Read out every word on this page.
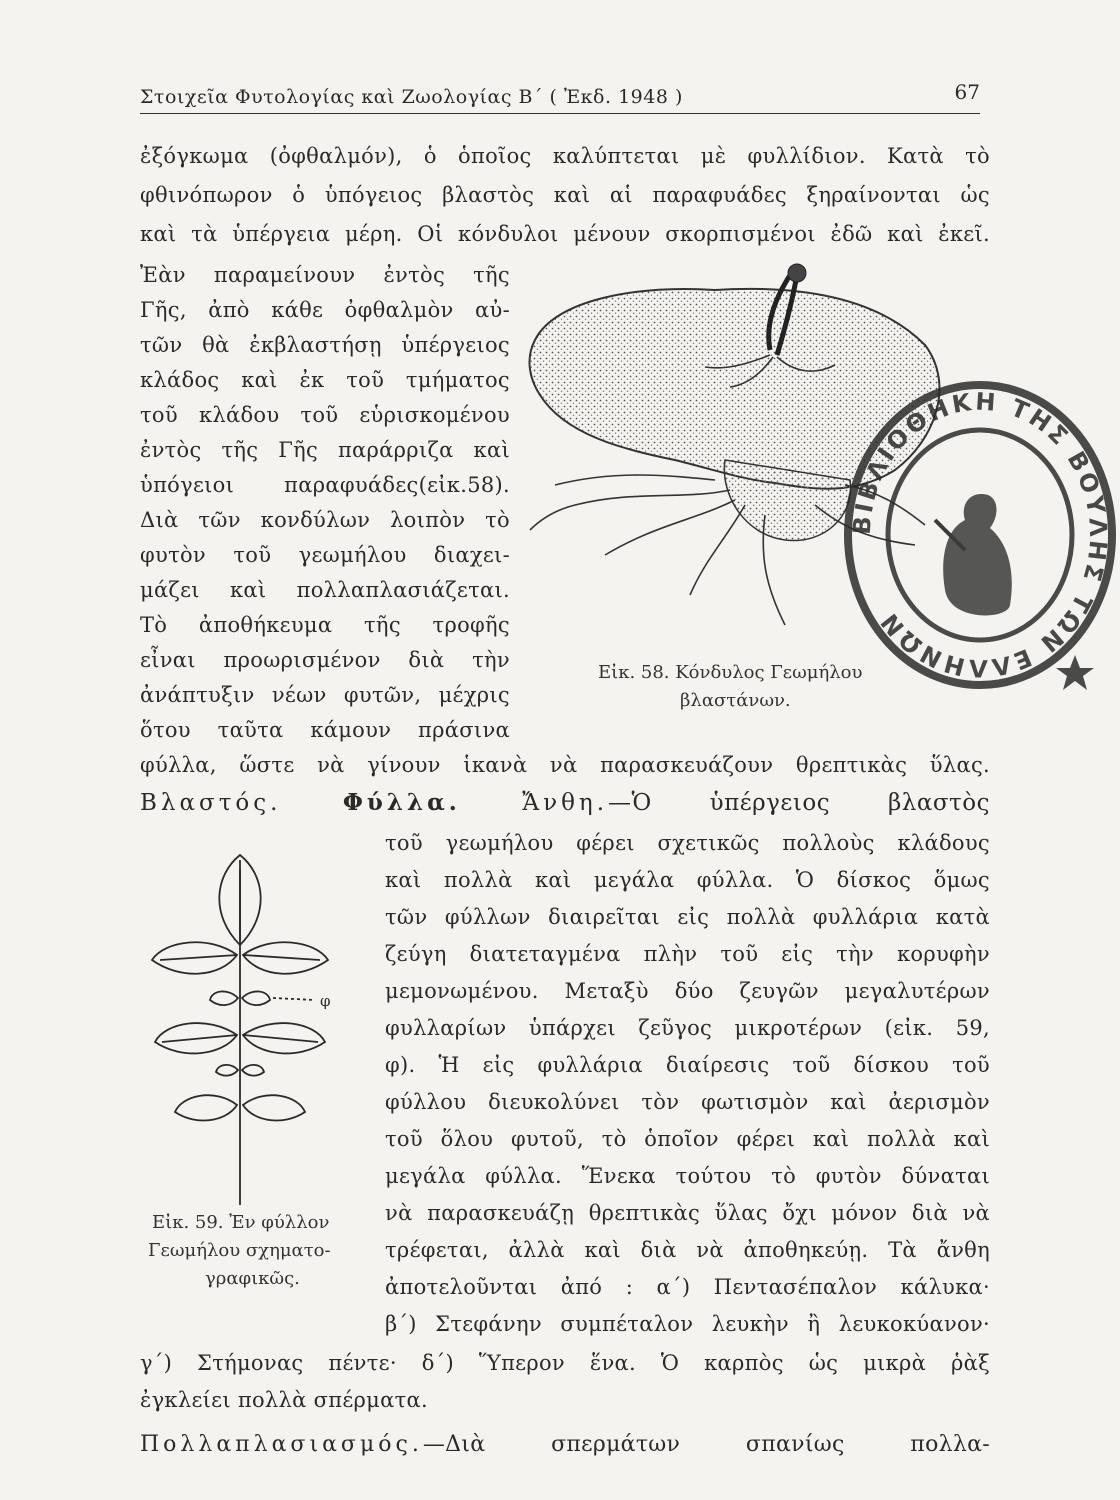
Στοιχεῖα Φυτολογίας καὶ Ζωολογίας Β΄ ( Ἐκδ. 1948 )	67
ἐξόγκωμα (ὀφθαλμόν), ὁ ὁποῖος καλύπτεται μὲ φυλλίδιον. Κατὰ τὸ
φθινόπωρον ὁ ὑπόγειος βλαστὸς καὶ αἱ παραφυάδες ξηραίνονται ὡς
καὶ τὰ ὑπέργεια μέρη. Οἱ κόνδυλοι μένουν σκορπισμένοι ἐδῶ καὶ ἐκεῖ.
Ἐὰν παραμείνουν ἐντὸς τῆς
Γῆς, ἀπὸ κάθε ὀφθαλμὸν αὐ-
τῶν θὰ ἐκβλαστήσῃ ὑπέργειος
κλάδος καὶ ἐκ τοῦ τμήματος
τοῦ κλάδου τοῦ εὑρισκομένου
ἐντὸς τῆς Γῆς παράρριζα καὶ
ὑπόγειοι παραφυάδες(εἰκ.58).
Διὰ τῶν κονδύλων λοιπὸν τὸ
φυτὸν τοῦ γεωμήλου διαχει-
μάζει καὶ πολλαπλασιάζεται.
Τὸ ἀποθήκευμα τῆς τροφῆς
εἶναι προωρισμένον διὰ τὴν
ἀνάπτυξιν νέων φυτῶν, μέχρις
ὅτου ταῦτα κάμουν πράσινα
φύλλα, ὥστε νὰ γίνουν ἱκανὰ νὰ παρασκευάζουν θρεπτικὰς ὕλας.
Εἰκ. 58. Κόνδυλος Γεωμήλου
βλαστάνων.
ΒΙΒΛΙΟΘΗΚΗ ΤΗΣ ΒΟΥΛΗΣ ΤΩΝ ΕΛΛΗΝΩΝ
Βλαστός.	Φύλλα.	Ἄνθη.—Ὁ ὑπέργειος βλαστὸς
τοῦ γεωμήλου φέρει σχετικῶς πολλοὺς κλάδους
καὶ πολλὰ καὶ μεγάλα φύλλα. Ὁ δίσκος ὅμως
τῶν φύλλων διαιρεῖται εἰς πολλὰ φυλλάρια κατὰ
ζεύγη διατεταγμένα πλὴν τοῦ εἰς τὴν κορυφὴν
μεμονωμένου. Μεταξὺ δύο ζευγῶν μεγαλυτέρων
φυλλαρίων ὑπάρχει ζεῦγος μικροτέρων (εἰκ. 59,
φ). Ἡ εἰς φυλλάρια διαίρεσις τοῦ δίσκου τοῦ
φύλλου διευκολύνει τὸν φωτισμὸν καὶ ἀερισμὸν
τοῦ ὅλου φυτοῦ, τὸ ὁποῖον φέρει καὶ πολλὰ καὶ
μεγάλα φύλλα. Ἕνεκα τούτου τὸ φυτὸν δύναται
νὰ παρασκευάζῃ θρεπτικὰς ὕλας ὄχι μόνον διὰ νὰ
τρέφεται, ἀλλὰ καὶ διὰ νὰ ἀποθηκεύῃ. Τὰ ἄνθη
ἀποτελοῦνται ἀπό : α΄) Πεντασέπαλον κάλυκα·
β΄) Στεφάνην συμπέταλον λευκὴν ἢ λευκοκύανον·
φ
Εἰκ. 59. Ἐν φύλλον
Γεωμήλου σχηματο-
γραφικῶς.
γ΄) Στήμονας πέντε· δ΄) Ὕπερον ἕνα. Ὁ καρπὸς ὡς μικρὰ ῥὰξ
ἐγκλείει πολλὰ σπέρματα.
Πολλαπλασιασμός.—Διὰ σπερμάτων σπανίως πολλα-
